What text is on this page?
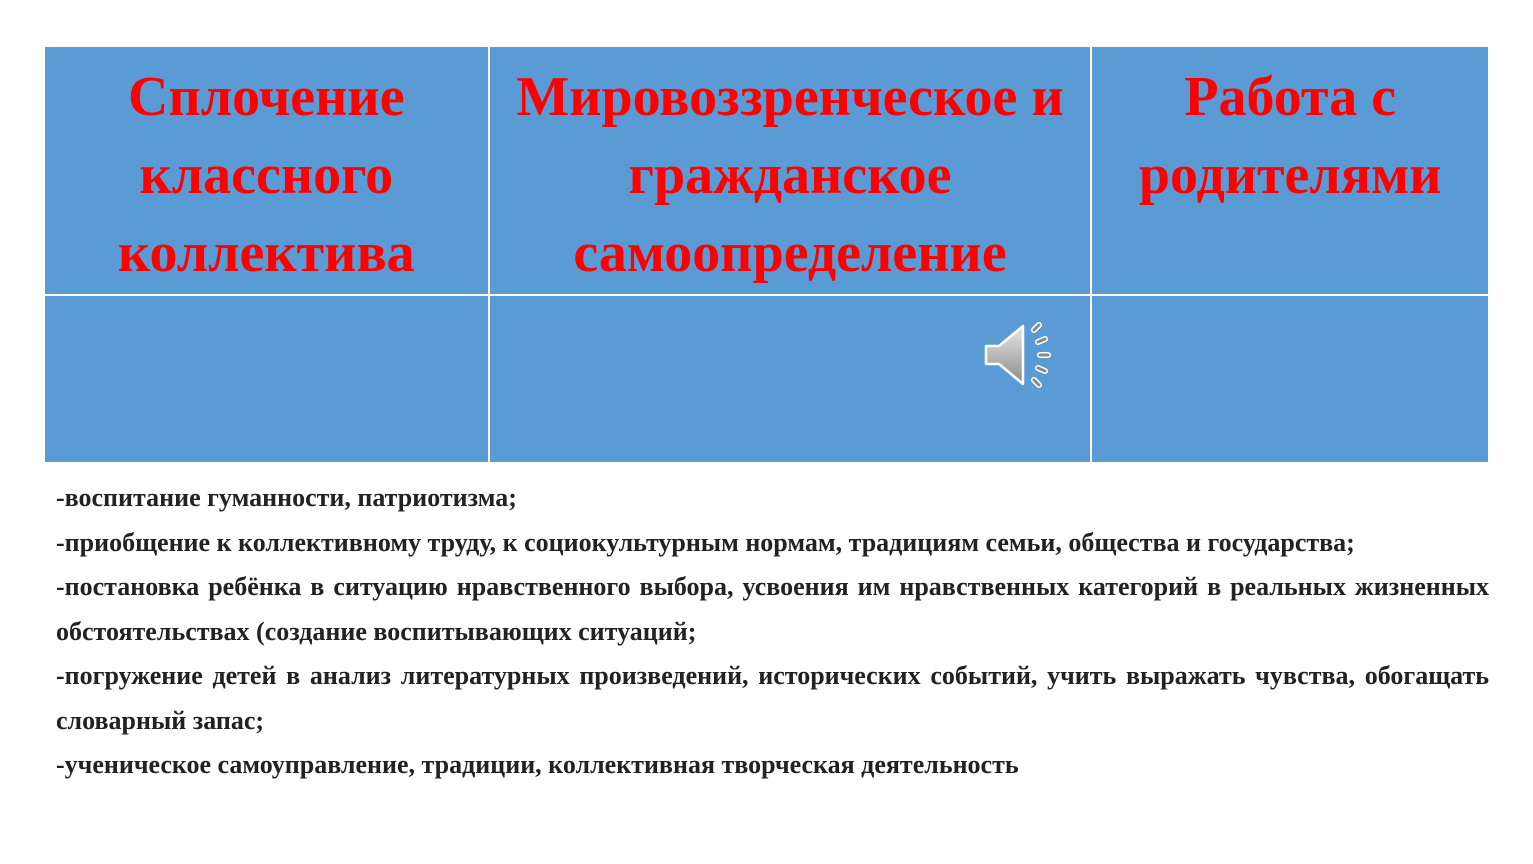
Сплочение классного коллектива	Мировоззренческое и гражданское самоопределение	Работа с родителями

-воспитание гуманности, патриотизма;

-приобщение к коллективному труду, к социокультурным нормам, традициям семьи, общества и государства;

-постановка ребёнка в ситуацию нравственного выбора, усвоения им нравственных категорий в реальных жизненных обстоятельствах (создание воспитывающих ситуаций;

-погружение детей в анализ литературных произведений, исторических событий, учить выражать чувства, обогащать словарный запас;

-ученическое самоуправление, традиции, коллективная творческая деятельность
